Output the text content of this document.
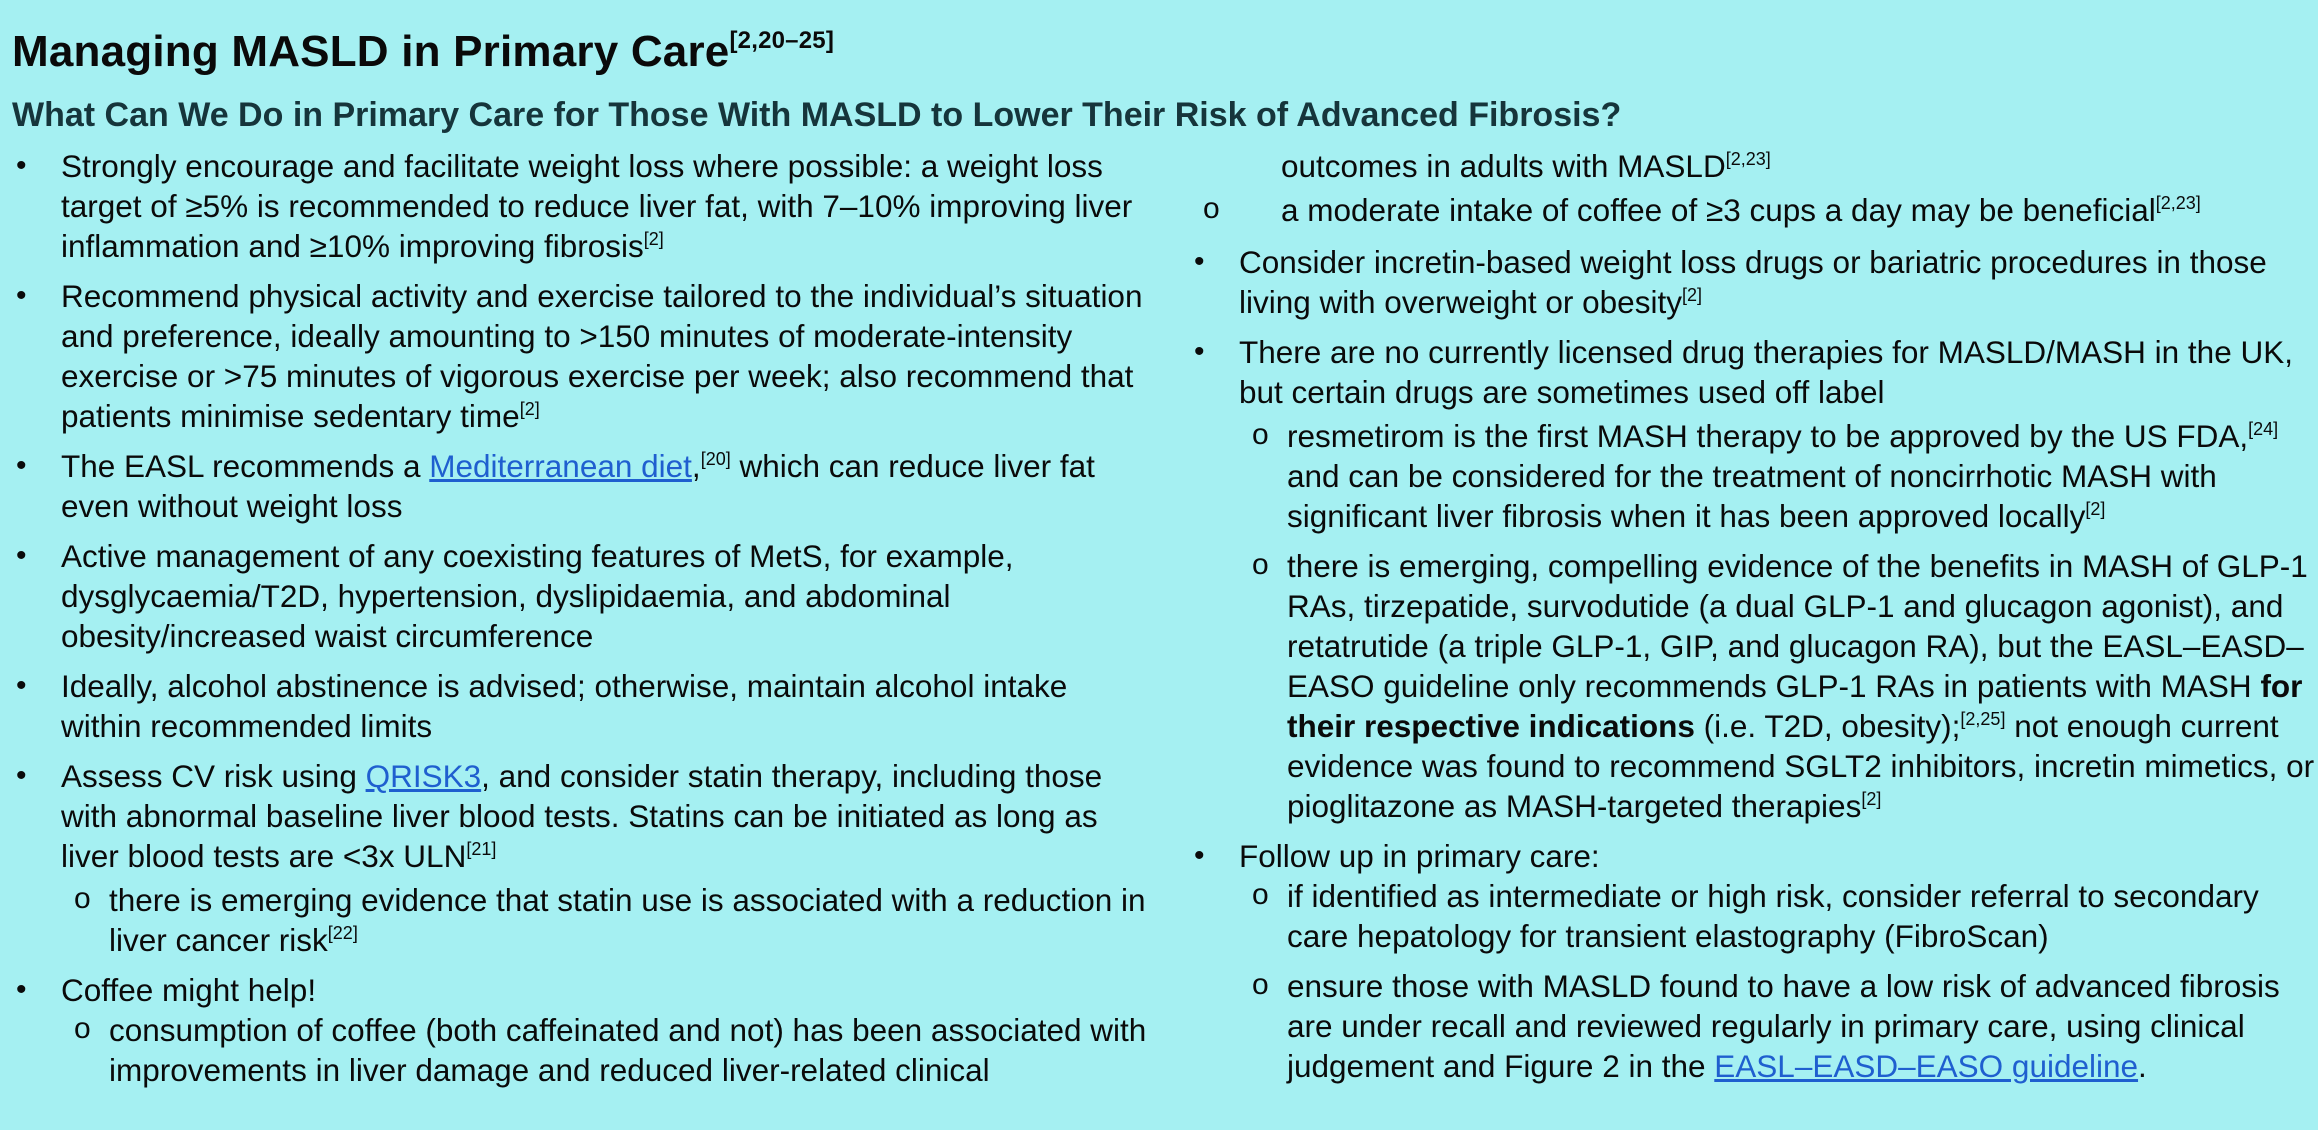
Managing MASLD in Primary Care[2,20–25]
What Can We Do in Primary Care for Those With MASLD to Lower Their Risk of Advanced Fibrosis?
• Strongly encourage and facilitate weight loss where possible: a weight loss target of ≥5% is recommended to reduce liver fat, with 7–10% improving liver inflammation and ≥10% improving fibrosis[2]
• Recommend physical activity and exercise tailored to the individual’s situation and preference, ideally amounting to >150 minutes of moderate-intensity exercise or >75 minutes of vigorous exercise per week; also recommend that patients minimise sedentary time[2]
• The EASL recommends a Mediterranean diet,[20] which can reduce liver fat even without weight loss
• Active management of any coexisting features of MetS, for example, dysglycaemia/T2D, hypertension, dyslipidaemia, and abdominal obesity/increased waist circumference
• Ideally, alcohol abstinence is advised; otherwise, maintain alcohol intake within recommended limits
• Assess CV risk using QRISK3, and consider statin therapy, including those with abnormal baseline liver blood tests. Statins can be initiated as long as liver blood tests are <3x ULN[21]
o there is emerging evidence that statin use is associated with a reduction in liver cancer risk[22]
• Coffee might help!
o consumption of coffee (both caffeinated and not) has been associated with improvements in liver damage and reduced liver-related clinical
outcomes in adults with MASLD[2,23]
o a moderate intake of coffee of ≥3 cups a day may be beneficial[2,23]
• Consider incretin-based weight loss drugs or bariatric procedures in those living with overweight or obesity[2]
• There are no currently licensed drug therapies for MASLD/MASH in the UK, but certain drugs are sometimes used off label
o resmetirom is the first MASH therapy to be approved by the US FDA,[24] and can be considered for the treatment of noncirrhotic MASH with significant liver fibrosis when it has been approved locally[2]
o there is emerging, compelling evidence of the benefits in MASH of GLP-1 RAs, tirzepatide, survodutide (a dual GLP-1 and glucagon agonist), and retatrutide (a triple GLP-1, GIP, and glucagon RA), but the EASL–EASD–EASO guideline only recommends GLP-1 RAs in patients with MASH for their respective indications (i.e. T2D, obesity);[2,25] not enough current evidence was found to recommend SGLT2 inhibitors, incretin mimetics, or pioglitazone as MASH-targeted therapies[2]
• Follow up in primary care:
o if identified as intermediate or high risk, consider referral to secondary care hepatology for transient elastography (FibroScan)
o ensure those with MASLD found to have a low risk of advanced fibrosis are under recall and reviewed regularly in primary care, using clinical judgement and Figure 2 in the EASL–EASD–EASO guideline.
